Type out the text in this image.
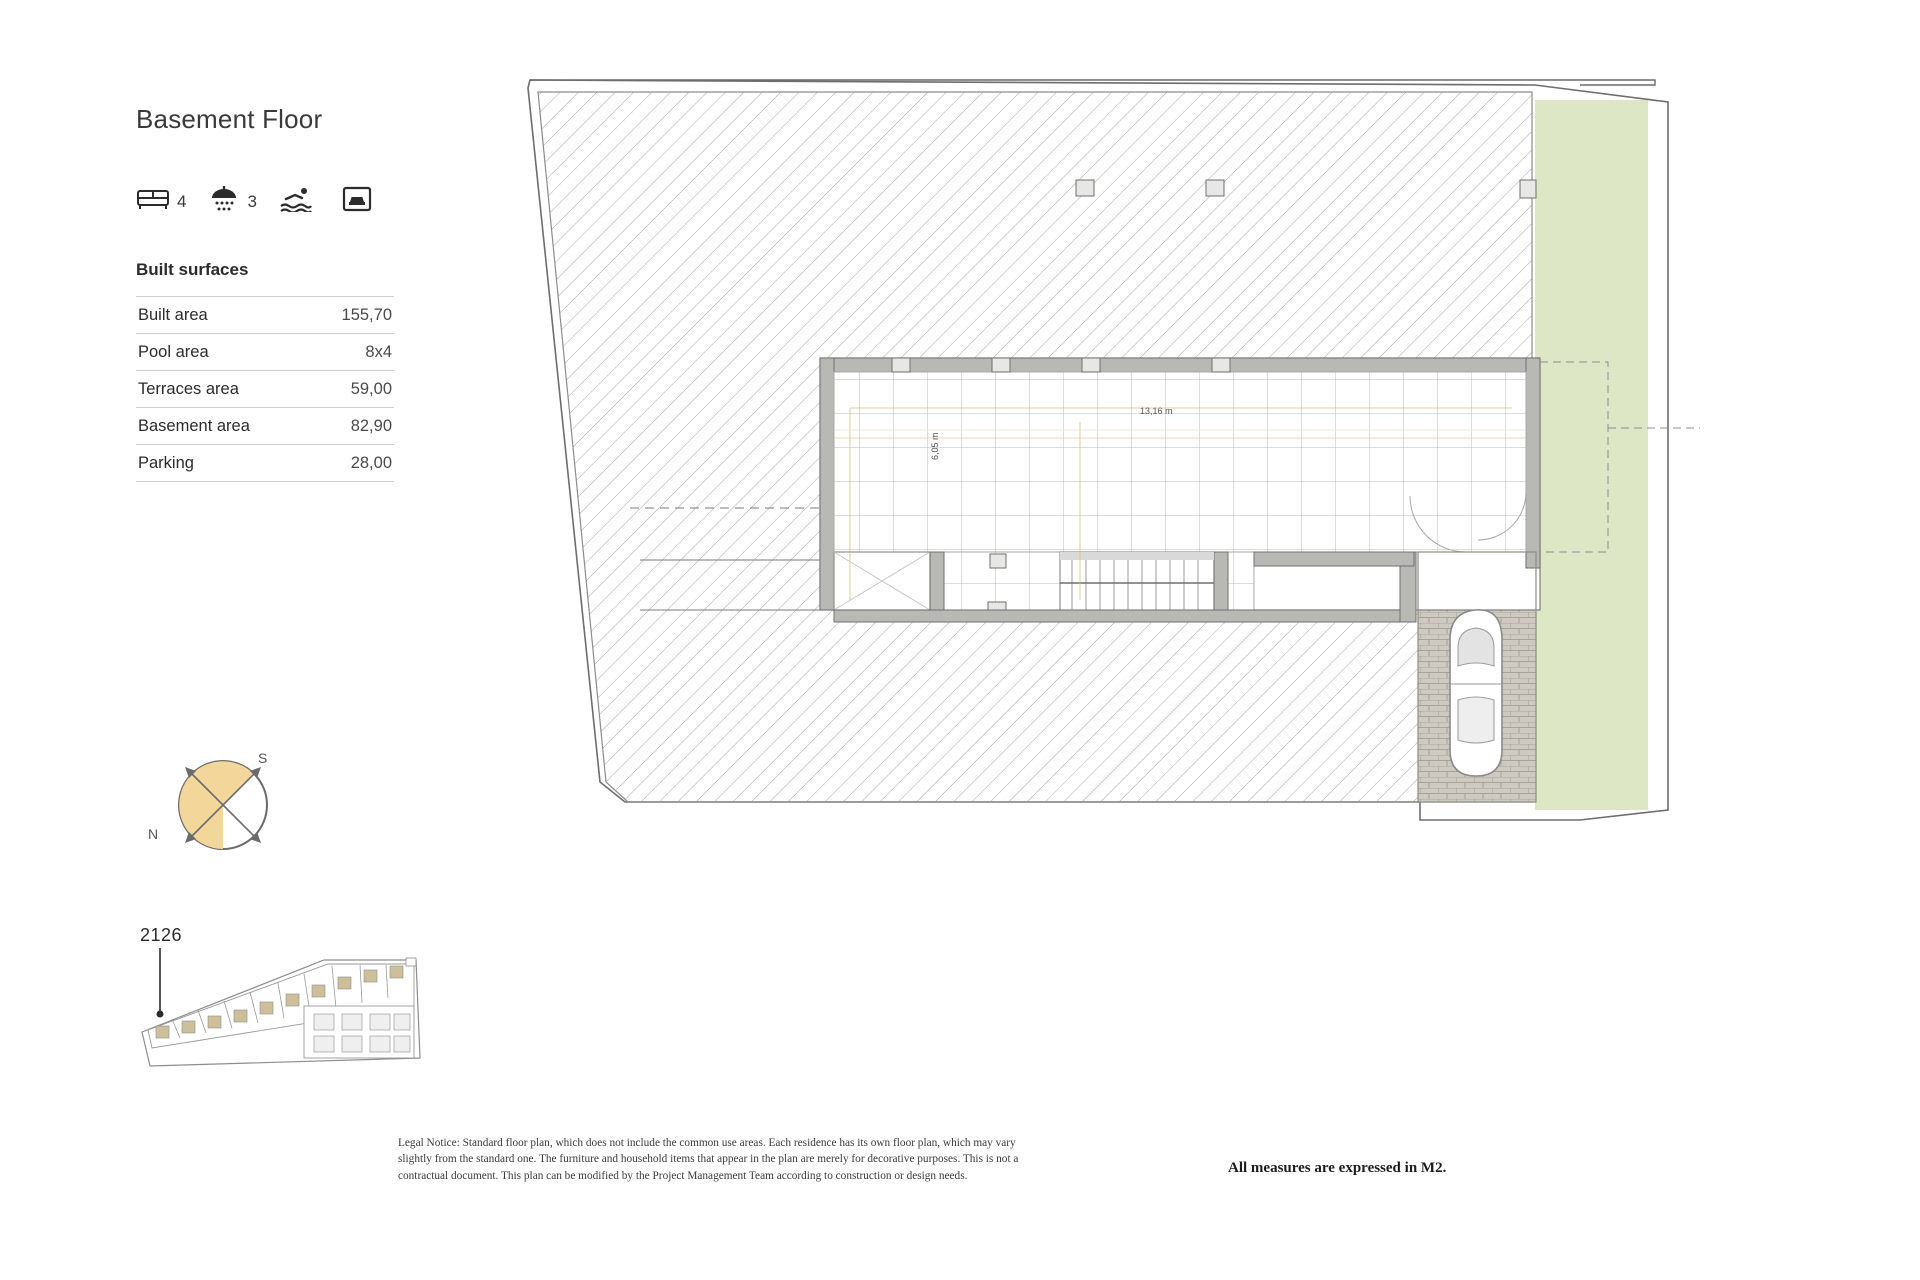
Basement Floor
4	3
Built surfaces
Built area	155,70
Pool area	8x4
Terraces area	59,00
Basement area	82,90
Parking	28,00
S
N
2126
13,16 m
6,05 m
Legal Notice: Standard floor plan, which does not include the common use areas. Each residence has its own floor plan, which may vary slightly from the standard one. The furniture and household items that appear in the plan are merely for decorative purposes. This is not a contractual document. This plan can be modified by the Project Management Team according to construction or design needs.	All measures are expressed in M2.
